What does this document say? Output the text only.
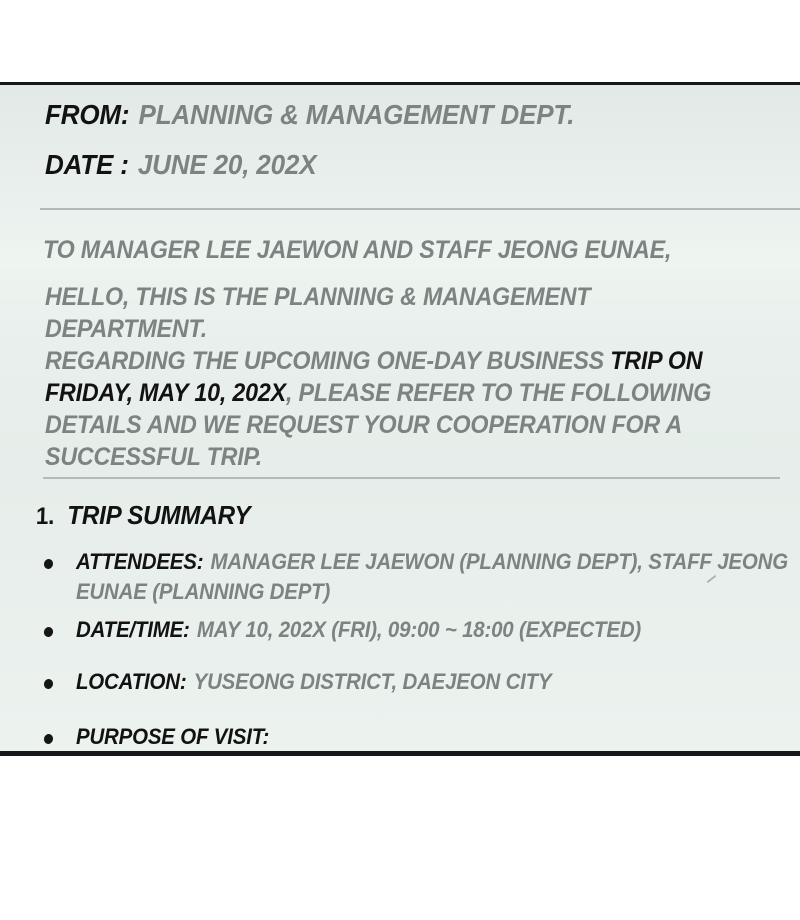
FROM: PLANNING & MANAGEMENT DEPT.
DATE : JUNE 20, 202X
TO MANAGER LEE JAEWON AND STAFF JEONG EUNAE,
HELLO, THIS IS THE PLANNING & MANAGEMENT
DEPARTMENT.
REGARDING THE UPCOMING ONE-DAY BUSINESS TRIP ON
FRIDAY, MAY 10, 202X, PLEASE REFER TO THE FOLLOWING
DETAILS AND WE REQUEST YOUR COOPERATION FOR A
SUCCESSFUL TRIP.
1. TRIP SUMMARY
ATTENDEES: MANAGER LEE JAEWON (PLANNING DEPT), STAFF JEONG
EUNAE (PLANNING DEPT)
DATE/TIME: MAY 10, 202X (FRI), 09:00 ~ 18:00 (EXPECTED)
LOCATION: YUSEONG DISTRICT, DAEJEON CITY
PURPOSE OF VISIT:
